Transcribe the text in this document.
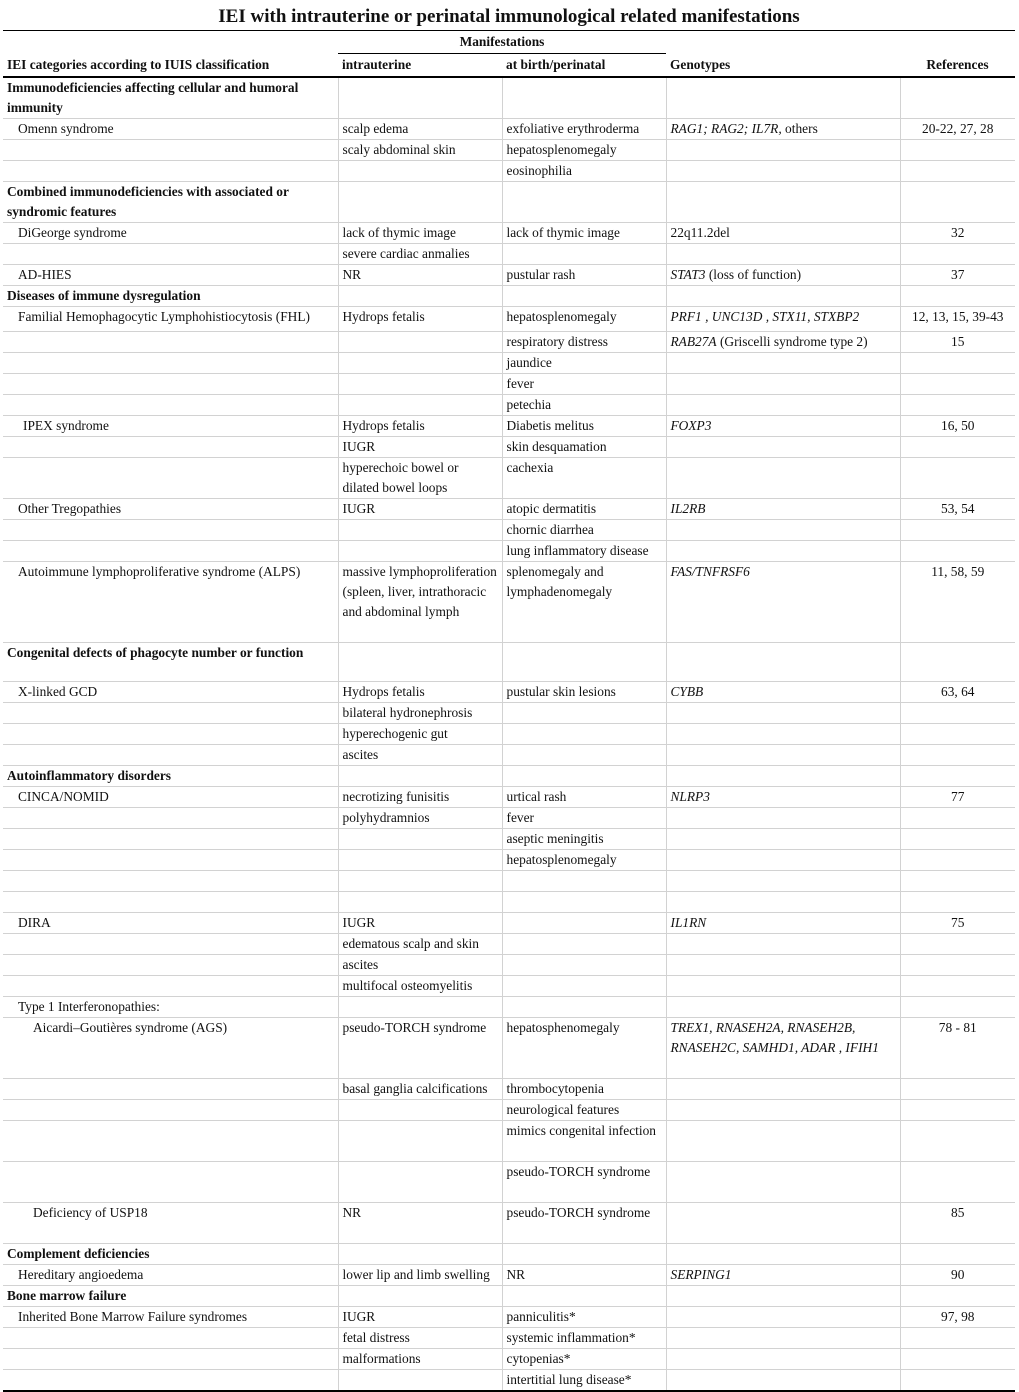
IEI with intrauterine or perinatal immunological related manifestations
	Manifestations			
IEI categories according to IUIS classification	intrauterine	at birth/perinatal	Genotypes	References
Immunodeficiencies affecting cellular and humoral immunity				
Omenn syndrome	scalp edema	exfoliative erythroderma	RAG1; RAG2; IL7R, others	20-22, 27, 28
	scaly abdominal skin	hepatosplenomegaly		
		eosinophilia		
Combined immunodeficiencies with associated or syndromic features				
DiGeorge syndrome	lack of thymic image	lack of thymic image	22q11.2del	32
	severe cardiac anmalies			
AD-HIES	NR	pustular rash	STAT3 (loss of function)	37
Diseases of immune dysregulation				
Familial Hemophagocytic Lymphohistiocytosis (FHL)	Hydrops fetalis	hepatosplenomegaly	PRF1 , UNC13D , STX11, STXBP2	12, 13, 15, 39-43
		respiratory distress	RAB27A (Griscelli syndrome type 2)	15
		jaundice		
		fever		
		petechia		
IPEX syndrome	Hydrops fetalis	Diabetis melitus	FOXP3	16, 50
	IUGR	skin desquamation		
	hyperechoic bowel or dilated bowel loops	cachexia		
Other Tregopathies	IUGR	atopic dermatitis	IL2RB	53, 54
		chornic diarrhea		
		lung inflammatory disease		
Autoimmune lymphoproliferative syndrome (ALPS)	massive lymphoproliferation (spleen, liver, intrathoracic and abdominal lymph	splenomegaly and lymphadenomegaly	FAS/TNFRSF6	11, 58, 59
Congenital defects of phagocyte number or function				
X-linked GCD	Hydrops fetalis	pustular skin lesions	CYBB	63, 64
	bilateral hydronephrosis			
	hyperechogenic gut			
	ascites			
Autoinflammatory disorders				
CINCA/NOMID	necrotizing funisitis	urtical rash	NLRP3	77
	polyhydramnios	fever		
		aseptic meningitis		
		hepatosplenomegaly		

DIRA	IUGR		IL1RN	75
	edematous scalp and skin			
	ascites			
	multifocal osteomyelitis			
Type 1 Interferonopathies:				
Aicardi–Goutières syndrome (AGS)	pseudo-TORCH syndrome	hepatosphenomegaly	TREX1, RNASEH2A, RNASEH2B, RNASEH2C, SAMHD1, ADAR , IFIH1	78 - 81
	basal ganglia calcifications	thrombocytopenia		
		neurological features		
		mimics congenital infection		
		pseudo-TORCH syndrome		
Deficiency of USP18	NR	pseudo-TORCH syndrome		85
Complement deficiencies				
Hereditary angioedema	lower lip and limb swelling	NR	SERPING1	90
Bone marrow failure				
Inherited Bone Marrow Failure syndromes	IUGR	panniculitis*		97, 98
	fetal distress	systemic inflammation*		
	malformations	cytopenias*		
		intertitial lung disease*		
